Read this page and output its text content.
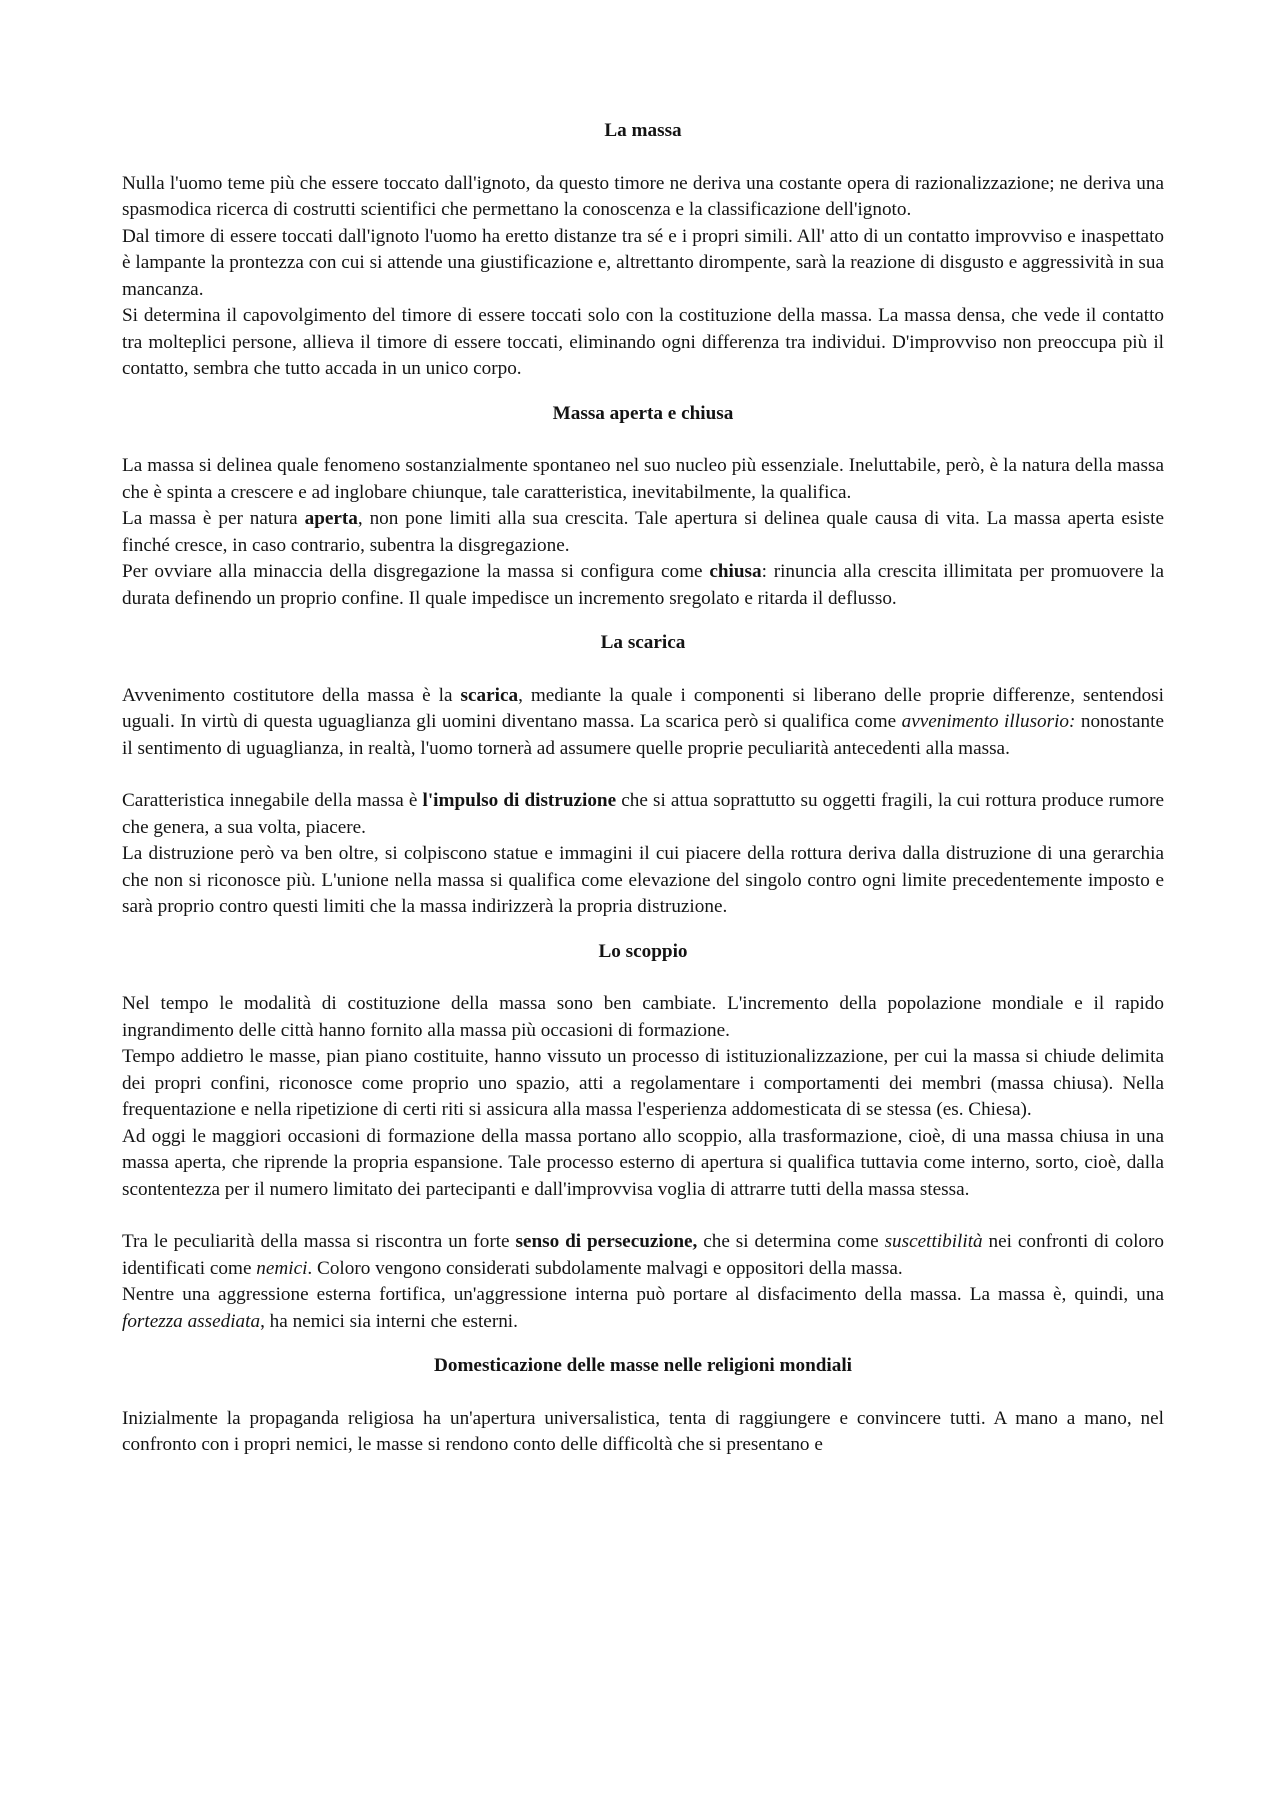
La massa

Nulla l'uomo teme più che essere toccato dall'ignoto, da questo timore ne deriva una costante opera di razionalizzazione; ne deriva una spasmodica ricerca di costrutti scientifici che permettano la conoscenza e la classificazione dell'ignoto.

Dal timore di essere toccati dall'ignoto l'uomo ha eretto distanze tra sé e i propri simili. All' atto di un contatto improvviso e inaspettato è lampante la prontezza con cui si attende una giustificazione e, altrettanto dirompente, sarà la reazione di disgusto e aggressività in sua mancanza.

Si determina il capovolgimento del timore di essere toccati solo con la costituzione della massa. La massa densa, che vede il contatto tra molteplici persone, allieva il timore di essere toccati, eliminando ogni differenza tra individui. D'improvviso non preoccupa più il contatto, sembra che tutto accada in un unico corpo.

Massa aperta e chiusa

La massa si delinea quale fenomeno sostanzialmente spontaneo nel suo nucleo più essenziale. Ineluttabile, però, è la natura della massa che è spinta a crescere e ad inglobare chiunque, tale caratteristica, inevitabilmente, la qualifica.

La massa è per natura aperta, non pone limiti alla sua crescita. Tale apertura si delinea quale causa di vita. La massa aperta esiste finché cresce, in caso contrario, subentra la disgregazione.

Per ovviare alla minaccia della disgregazione la massa si configura come chiusa: rinuncia alla crescita illimitata per promuovere la durata definendo un proprio confine. Il quale impedisce un incremento sregolato e ritarda il deflusso.

La scarica

Avvenimento costitutore della massa è la scarica, mediante la quale i componenti si liberano delle proprie differenze, sentendosi uguali. In virtù di questa uguaglianza gli uomini diventano massa. La scarica però si qualifica come avvenimento illusorio: nonostante il sentimento di uguaglianza, in realtà, l'uomo tornerà ad assumere quelle proprie peculiarità antecedenti alla massa.

Caratteristica innegabile della massa è l'impulso di distruzione che si attua soprattutto su oggetti fragili, la cui rottura produce rumore che genera, a sua volta, piacere.

La distruzione però va ben oltre, si colpiscono statue e immagini il cui piacere della rottura deriva dalla distruzione di una gerarchia che non si riconosce più. L'unione nella massa si qualifica come elevazione del singolo contro ogni limite precedentemente imposto e sarà proprio contro questi limiti che la massa indirizzerà la propria distruzione.

Lo scoppio

Nel tempo le modalità di costituzione della massa sono ben cambiate. L'incremento della popolazione mondiale e il rapido ingrandimento delle città hanno fornito alla massa più occasioni di formazione.

Tempo addietro le masse, pian piano costituite, hanno vissuto un processo di istituzionalizzazione, per cui la massa si chiude delimita dei propri confini, riconosce come proprio uno spazio, atti a regolamentare i comportamenti dei membri (massa chiusa). Nella frequentazione e nella ripetizione di certi riti si assicura alla massa l'esperienza addomesticata di se stessa (es. Chiesa).

Ad oggi le maggiori occasioni di formazione della massa portano allo scoppio, alla trasformazione, cioè, di una massa chiusa in una massa aperta, che riprende la propria espansione. Tale processo esterno di apertura si qualifica tuttavia come interno, sorto, cioè, dalla scontentezza per il numero limitato dei partecipanti e dall'improvvisa voglia di attrarre tutti della massa stessa.

Tra le peculiarità della massa si riscontra un forte senso di persecuzione, che si determina come suscettibilità nei confronti di coloro identificati come nemici. Coloro vengono considerati subdolamente malvagi e oppositori della massa.

Nentre una aggressione esterna fortifica, un'aggressione interna può portare al disfacimento della massa. La massa è, quindi, una fortezza assediata, ha nemici sia interni che esterni.

Domesticazione delle masse nelle religioni mondiali

Inizialmente la propaganda religiosa ha un'apertura universalistica, tenta di raggiungere e convincere tutti. A mano a mano, nel confronto con i propri nemici, le masse si rendono conto delle difficoltà che si presentano e
